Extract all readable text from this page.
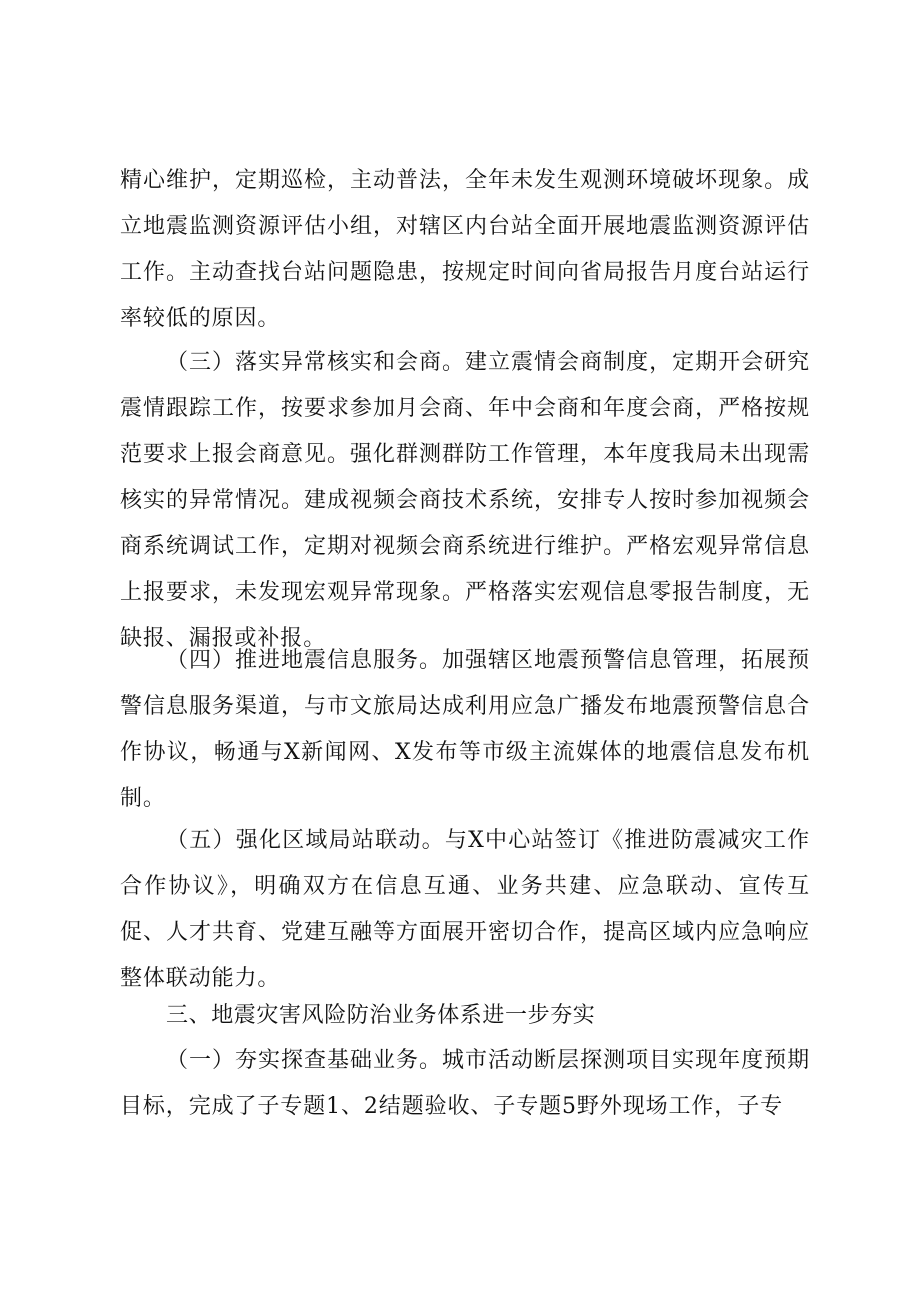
精心维护，定期巡检，主动普法，全年未发生观测环境破坏现象。成立地震监测资源评估小组，对辖区内台站全面开展地震监测资源评估工作。主动查找台站问题隐患，按规定时间向省局报告月度台站运行率较低的原因。

（三）落实异常核实和会商。建立震情会商制度，定期开会研究震情跟踪工作，按要求参加月会商、年中会商和年度会商，严格按规范要求上报会商意见。强化群测群防工作管理，本年度我局未出现需核实的异常情况。建成视频会商技术系统，安排专人按时参加视频会商系统调试工作，定期对视频会商系统进行维护。严格宏观异常信息上报要求，未发现宏观异常现象。严格落实宏观信息零报告制度，无缺报、漏报或补报。

（四）推进地震信息服务。加强辖区地震预警信息管理，拓展预警信息服务渠道，与市文旅局达成利用应急广播发布地震预警信息合作协议，畅通与X新闻网、X发布等市级主流媒体的地震信息发布机制。

（五）强化区域局站联动。与X中心站签订《推进防震减灾工作合作协议》，明确双方在信息互通、业务共建、应急联动、宣传互促、人才共育、党建互融等方面展开密切合作，提高区域内应急响应整体联动能力。

三、地震灾害风险防治业务体系进一步夯实

（一）夯实探查基础业务。城市活动断层探测项目实现年度预期目标，完成了子专题1、2结题验收、子专题5野外现场工作，子专
